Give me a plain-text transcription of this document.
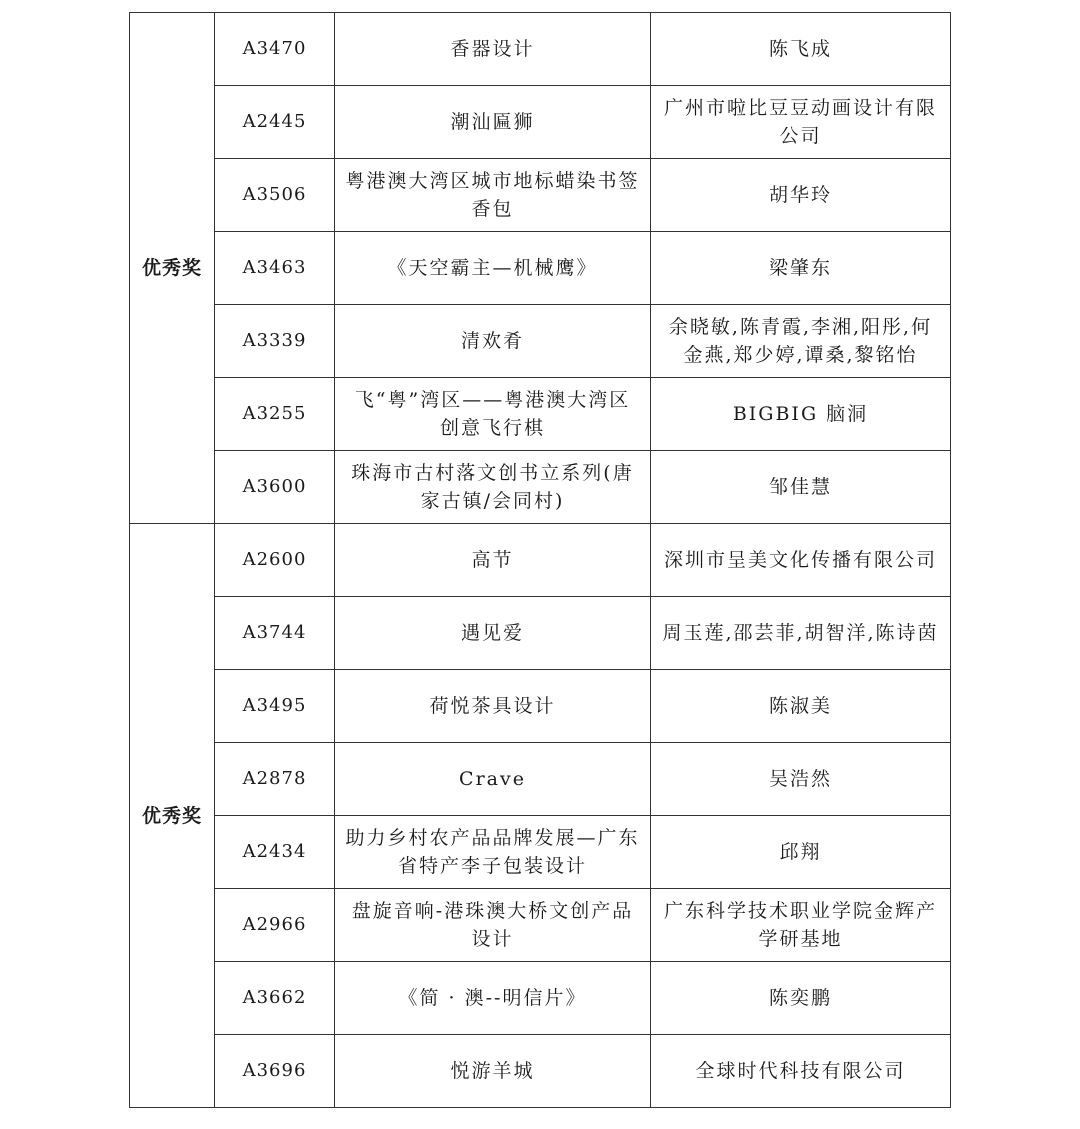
优秀奖	A3470	香器设计	陈飞成
	A2445	潮汕匾狮	广州市啦比豆豆动画设计有限公司
	A3506	粤港澳大湾区城市地标蜡染书签香包	胡华玲
	A3463	《天空霸主—机械鹰》	梁肇东
	A3339	清欢肴	余晓敏,陈青霞,李湘,阳彤,何金燕,郑少婷,谭桑,黎铭怡
	A3255	飞“粤”湾区——粤港澳大湾区创意飞行棋	BIGBIG 脑洞
	A3600	珠海市古村落文创书立系列(唐家古镇/会同村)	邹佳慧
优秀奖	A2600	高节	深圳市呈美文化传播有限公司
	A3744	遇见爱	周玉莲,邵芸菲,胡智洋,陈诗茵
	A3495	荷悦茶具设计	陈淑美
	A2878	Crave	吴浩然
	A2434	助力乡村农产品品牌发展—广东省特产李子包装设计	邱翔
	A2966	盘旋音响-港珠澳大桥文创产品设计	广东科学技术职业学院金辉产学研基地
	A3662	《简 · 澳--明信片》	陈奕鹏
	A3696	悦游羊城	全球时代科技有限公司
